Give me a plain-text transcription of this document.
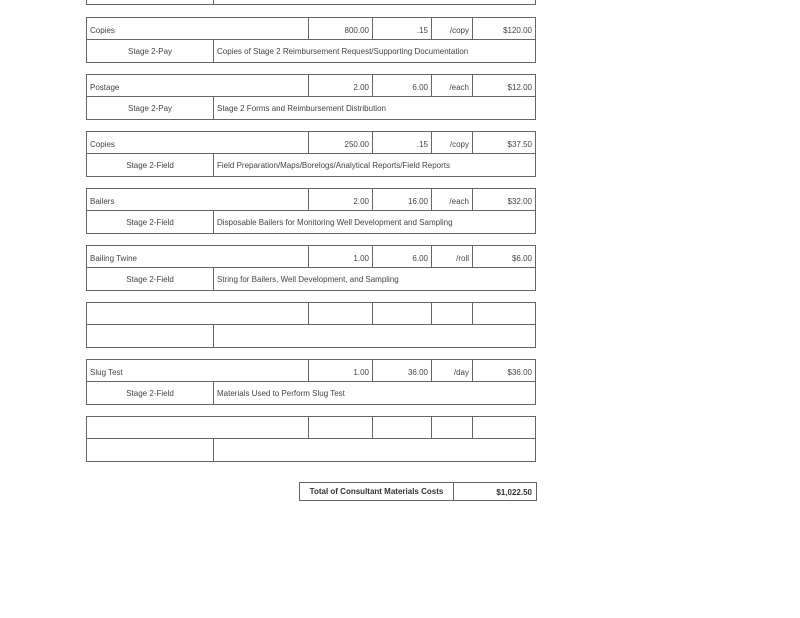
Copies	800.00	.15	/copy	$120.00
Stage 2-Pay	Copies of Stage 2 Reimbursement Request/Supporting Documentation
Postage	2.00	6.00	/each	$12.00
Stage 2-Pay	Stage 2 Forms and Reimbursement Distribution
Copies	250.00	.15	/copy	$37.50
Stage 2-Field	Field Preparation/Maps/Borelogs/Analytical Reports/Field Reports
Bailers	2.00	16.00	/each	$32.00
Stage 2-Field	Disposable Bailers for Monitoring Well Development and Sampling
Bailing Twine	1.00	6.00	/roll	$6.00
Stage 2-Field	String for Bailers, Well Development, and Sampling
Slug Test	1.00	36.00	/day	$36.00
Stage 2-Field	Materials Used to Perform Slug Test
Total of Consultant Materials Costs	$1,022.50
